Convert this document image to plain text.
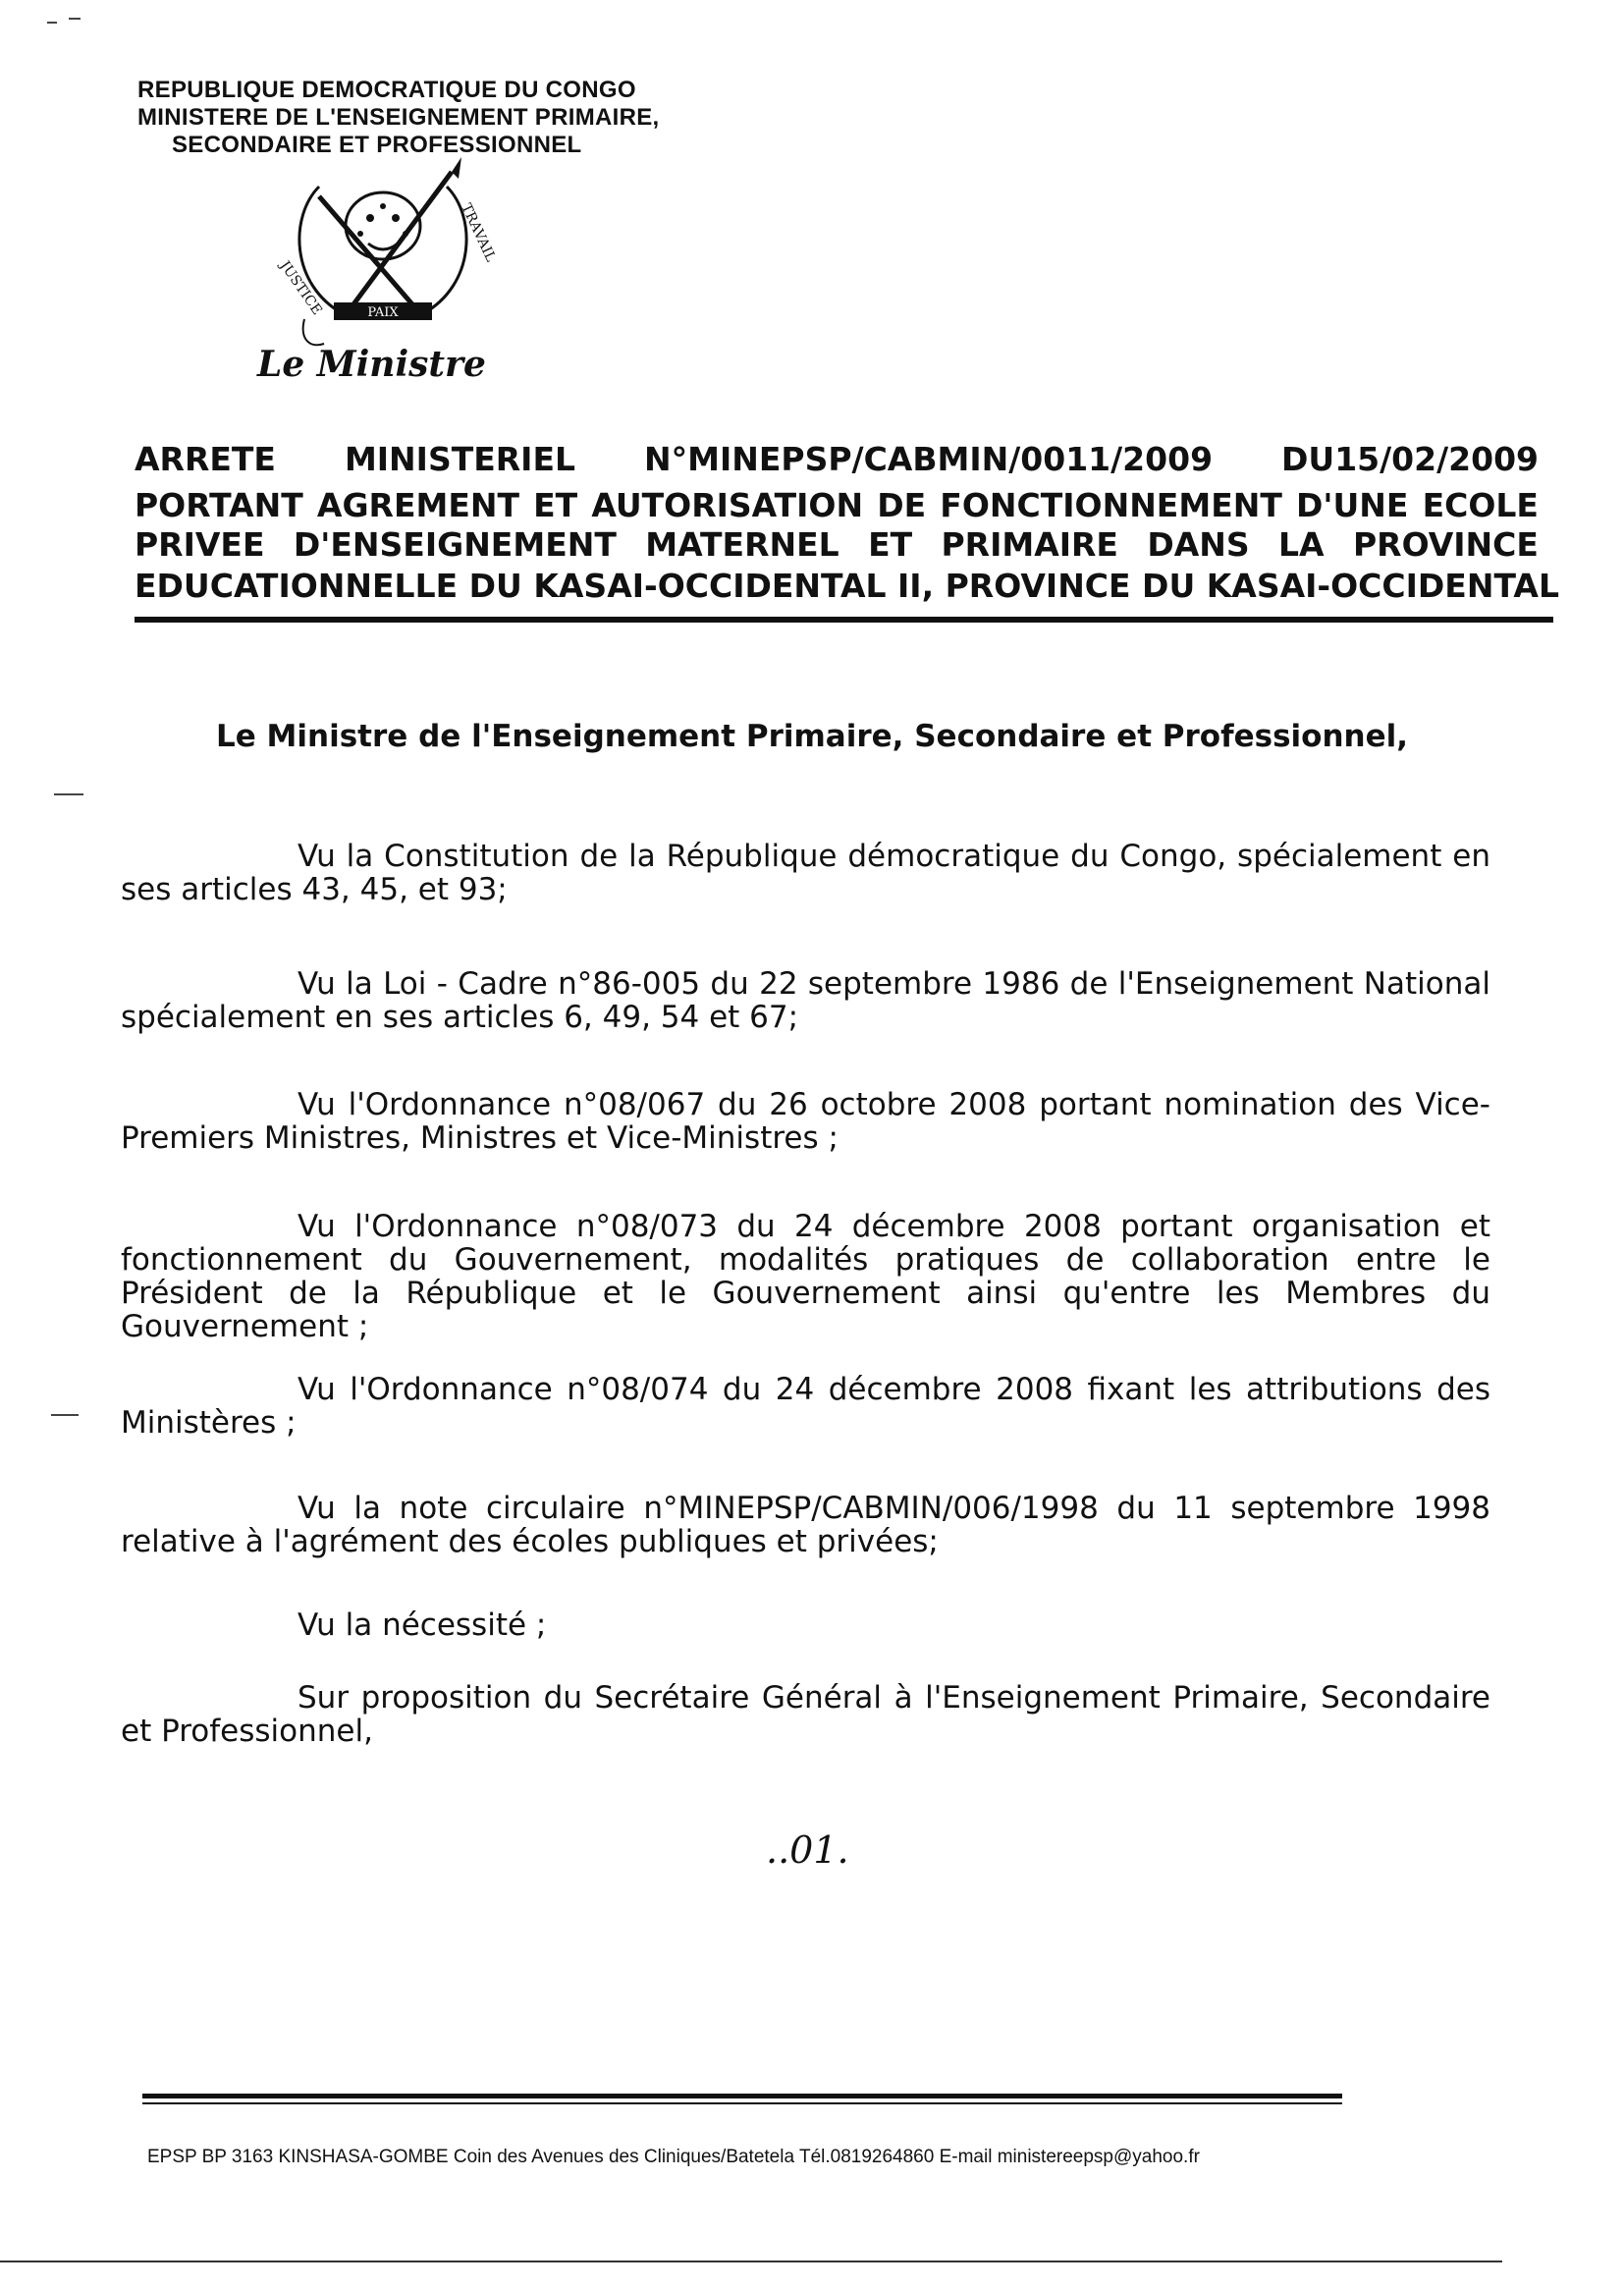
REPUBLIQUE DEMOCRATIQUE DU CONGO
MINISTERE DE L'ENSEIGNEMENT PRIMAIRE,
SECONDAIRE ET PROFESSIONNEL
JUSTICE	PAIX
TRAVAIL
Le Ministre
ARRETE MINISTERIEL N°MINEPSP/CABMIN/0011/2009 DU15/02/2009
PORTANT AGREMENT ET AUTORISATION DE FONCTIONNEMENT D'UNE ECOLE
PRIVEE D'ENSEIGNEMENT MATERNEL ET PRIMAIRE DANS LA PROVINCE
EDUCATIONNELLE DU KASAI-OCCIDENTAL II, PROVINCE DU KASAI-OCCIDENTAL
Le Ministre de l'Enseignement Primaire, Secondaire et Professionnel,
Vu la Constitution de la République démocratique du Congo, spécialement en ses articles 43, 45, et 93;
Vu la Loi - Cadre n°86-005 du 22 septembre 1986 de l'Enseignement National spécialement en ses articles 6, 49, 54 et 67;
Vu l'Ordonnance n°08/067 du 26 octobre 2008 portant nomination des Vice-Premiers Ministres, Ministres et Vice-Ministres ;
Vu l'Ordonnance n°08/073 du 24 décembre 2008 portant organisation et fonctionnement du Gouvernement, modalités pratiques de collaboration entre le Président de la République et le Gouvernement ainsi qu'entre les Membres du Gouvernement ;
Vu l'Ordonnance n°08/074 du 24 décembre 2008 fixant les attributions des Ministères ;
Vu la note circulaire n°MINEPSP/CABMIN/006/1998 du 11 septembre 1998 relative à l'agrément des écoles publiques et privées;
Vu la nécessité ;
Sur proposition du Secrétaire Général à l'Enseignement Primaire, Secondaire et Professionnel,
..01.
EPSP BP 3163 KINSHASA-GOMBE Coin des Avenues des Cliniques/Batetela Tél.0819264860 E-mail ministereepsp@yahoo.fr
